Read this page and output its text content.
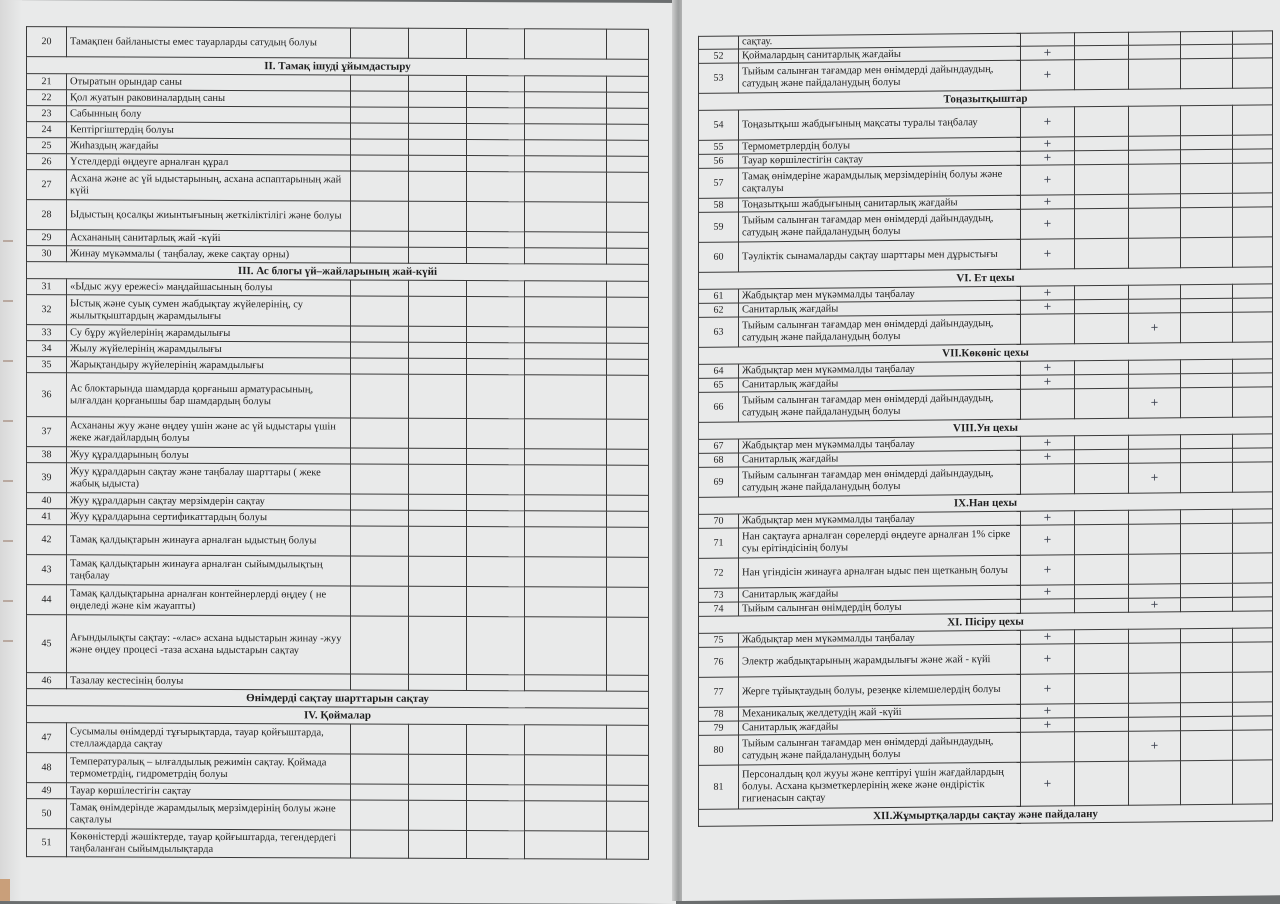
20	Тамақпен байланысты емес тауарларды сатудың болуы					
II. Тамақ ішуді ұйымдастыру						
21	Отыратын орындар саны					
22	Қол жуатын раковиналардың саны					
23	Сабынның болу					
24	Кептіргіштердің болуы					
25	Жиһаздың жағдайы					
26	Үстелдерді өңдеуге арналған құрал					
27	Асхана және ас үй ыдыстарының, асхана аспаптарының жай күйі					
28	Ыдыстың қосалқы жиынтығының жеткіліктілігі және болуы					
29	Асхананың санитарлық жай -күйі					
30	Жинау мүкәммалы ( таңбалау, жеке сақтау орны)					
III. Ас блогы үй–жайларының жай-күйі						
31	«Ыдыс жуу ережесі» маңдайшасының болуы					
32	Ыстық және суық сумен жабдықтау жүйелерінің, су жылытқыштардың жарамдылығы					
33	Су бұру жүйелерінің жарамдылығы					
34	Жылу жүйелерінің жарамдылығы					
35	Жарықтандыру жүйелерінің жарамдылығы					
36	Ас блоктарында шамдарда қорғаныш арматурасының, ылғалдан қорғанышы бар шамдардың болуы					
37	Асхананы жуу және өңдеу үшін және ас үй ыдыстары үшін жеке жағдайлардың болуы					
38	Жуу құралдарының болуы					
39	Жуу құралдарын сақтау және таңбалау шарттары ( жеке жабық ыдыста)					
40	Жуу құралдарын сақтау мерзімдерін сақтау					
41	Жуу құралдарына сертификаттардың болуы					
42	Тамақ қалдықтарын жинауға арналған ыдыстың болуы					
43	Тамақ қалдықтарын жинауға арналған сыйымдылықтың таңбалау					
44	Тамақ қалдықтарына арналған контейнерлерді өңдеу ( не өңделеді және кім жауапты)					
45	Ағындылықты сақтау: -«лас» асхана ыдыстарын жинау -жуу және өңдеу процесі -таза асхана ыдыстарын сақтау					
46	Тазалау кестесінің болуы					
Өнімдерді сақтау шарттарын сақтау						
IV. Қоймалар						
47	Сусымалы өнімдерді тұғырықтарда, тауар қойғыштарда, стеллаждарда сақтау					
48	Температуралық – ылғалдылық режимін сақтау. Қоймада термометрдің, гидрометрдің болуы					
49	Тауар көршілестігін сақтау					
50	Тамақ өнімдерінде жарамдылық мерзімдерінің болуы және сақталуы					
51	Көкөністерді жәшіктерде, тауар қойғыштарда, тегендердегі таңбаланған сыйымдылықтарда					
	сақтау.					
52	Қоймалардың санитарлық жағдайы	+				
53	Тыйым салынған тағамдар мен өнімдерді дайындаудың, сатудың және пайдаланудың болуы	+				
Тоңазытқыштар						
54	Тоңазытқыш жабдығының мақсаты туралы таңбалау	+				
55	Термометрлердің болуы	+				
56	Тауар көршілестігін сақтау	+				
57	Тамақ өнімдеріне жарамдылық мерзімдерінің болуы және сақталуы	+				
58	Тоңазытқыш жабдығының санитарлық жағдайы	+				
59	Тыйым салынған тағамдар мен өнімдерді дайындаудың, сатудың және пайдаланудың болуы	+				
60	Тәуліктік сынамаларды сақтау шарттары мен дұрыстығы	+				
VI. Ет цехы						
61	Жабдықтар мен мүкәммалды таңбалау	+				
62	Санитарлық жағдайы	+				
63	Тыйым салынған тағамдар мен өнімдерді дайындаудың, сатудың және пайдаланудың болуы			+		
VII.Көкөніс цехы						
64	Жабдықтар мен мүкәммалды таңбалау	+				
65	Санитарлық жағдайы	+				
66	Тыйым салынған тағамдар мен өнімдерді дайындаудың, сатудың және пайдаланудың болуы			+		
VIII.Ун цехы						
67	Жабдықтар мен мүкәммалды таңбалау	+				
68	Санитарлық жағдайы	+				
69	Тыйым салынған тағамдар мен өнімдерді дайындаудың, сатудың және пайдаланудың болуы			+		
IX.Нан цехы						
70	Жабдықтар мен мүкәммалды таңбалау	+				
71	Нан сақтауға арналған сөрелерді өңдеуге арналған 1% сірке суы ерітіндісінің болуы	+				
72	Нан үгіндісін жинауға арналған ыдыс пен щетканың болуы	+				
73	Санитарлық жағдайы	+				
74	Тыйым салынған өнімдердің болуы			+		
XI. Пісіру цехы						
75	Жабдықтар мен мүкәммалды таңбалау	+				
76	Электр жабдықтарының жарамдылығы және жай - күйі	+				
77	Жерге тұйықтаудың болуы, резеңке кілемшелердің болуы	+				
78	Механикалық желдетудің жай -күйі	+				
79	Санитарлық жағдайы	+				
80	Тыйым салынған тағамдар мен өнімдерді дайындаудың, сатудың және пайдаланудың болуы			+		
81	Персоналдың қол жууы және кептіруі үшін жағдайлардың болуы. Асхана қызметкерлерінің жеке және өндірістік гигиенасын сақтау	+				
XII.Жұмыртқаларды сақтау және пайдалану						
